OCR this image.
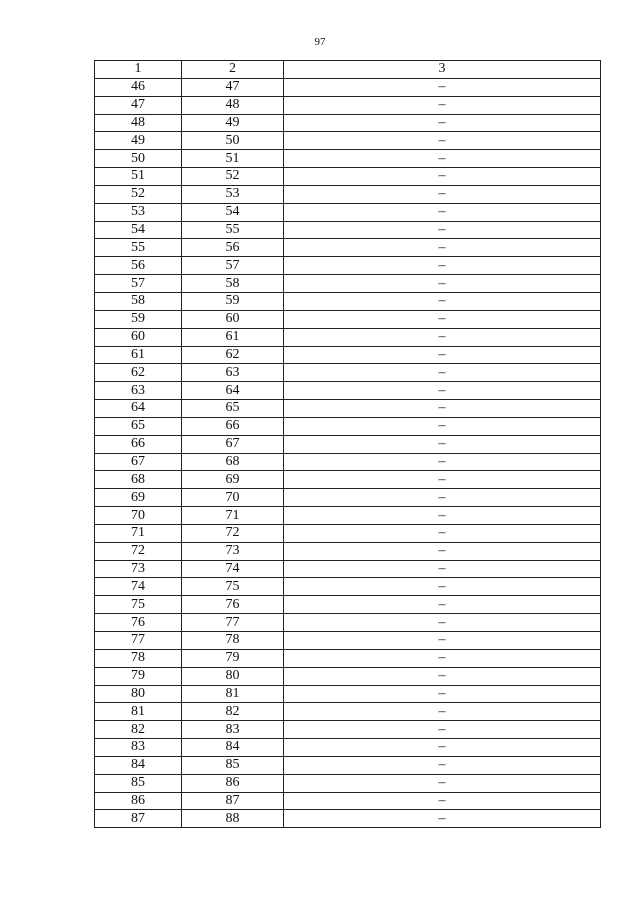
97
1	2	3
46	47	–
47	48	–
48	49	–
49	50	–
50	51	–
51	52	–
52	53	–
53	54	–
54	55	–
55	56	–
56	57	–
57	58	–
58	59	–
59	60	–
60	61	–
61	62	–
62	63	–
63	64	–
64	65	–
65	66	–
66	67	–
67	68	–
68	69	–
69	70	–
70	71	–
71	72	–
72	73	–
73	74	–
74	75	–
75	76	–
76	77	–
77	78	–
78	79	–
79	80	–
80	81	–
81	82	–
82	83	–
83	84	–
84	85	–
85	86	–
86	87	–
87	88	–
